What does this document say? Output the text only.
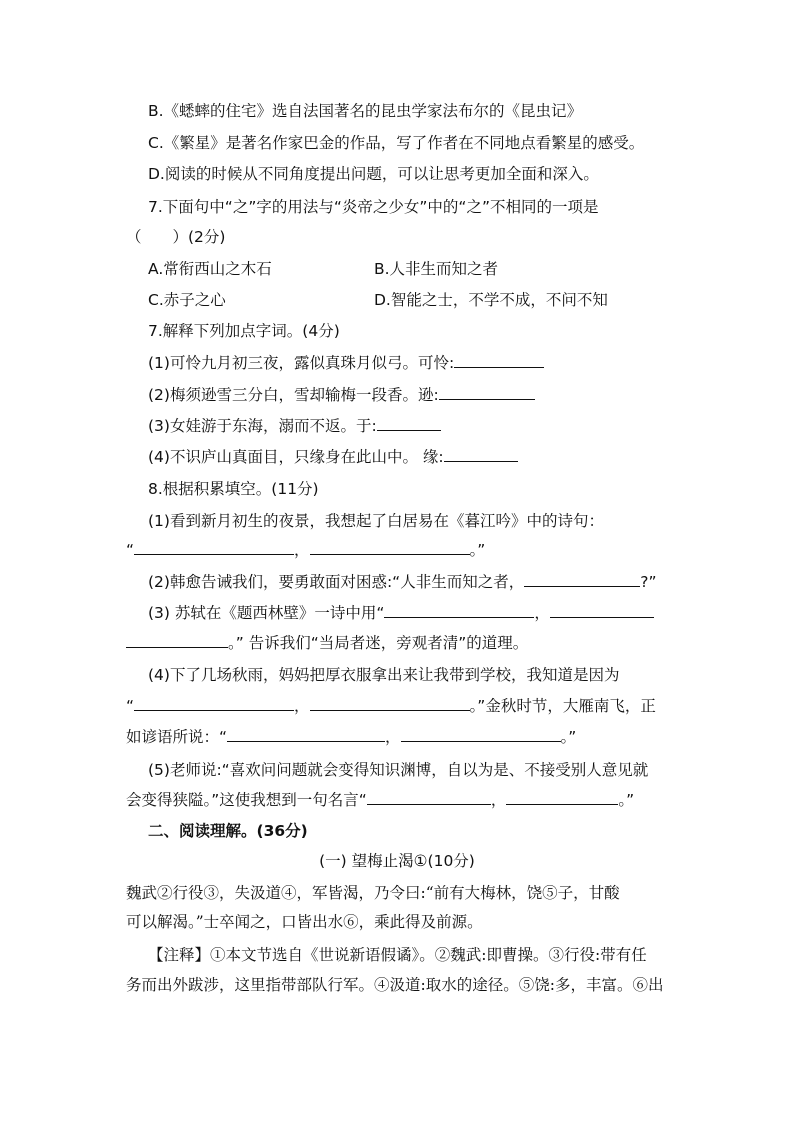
B.《蟋蟀的住宅》选自法国著名的昆虫学家法布尔的《昆虫记》
C.《繁星》是著名作家巴金的作品，写了作者在不同地点看繁星的感受。
D.阅读的时候从不同角度提出问题，可以让思考更加全面和深入。
7.下面句中“之”字的用法与“炎帝之少女”中的“之”不相同的一项是
（　　）(2分)
A.常衔西山之木石	B.人非生而知之者
C.赤子之心	D.智能之士，不学不成，不问不知
7.解释下列加点字词。(4分)
(1)可怜九月初三夜，露似真珠月似弓。可怜:
(2)梅须逊雪三分白，雪却输梅一段香。逊:
(3)女娃游于东海，溺而不返。于:
(4)不识庐山真面目，只缘身在此山中。 缘:
8.根据积累填空。(11分)
(1)看到新月初生的夜景，我想起了白居易在《暮江吟》中的诗句：
“	，	。”
(2)韩愈告诫我们，要勇敢面对困惑:“人非生而知之者，	?”
(3) 苏轼在《题西林壁》一诗中用“	，
。” 告诉我们“当局者迷，旁观者清”的道理。
(4)下了几场秋雨，妈妈把厚衣服拿出来让我带到学校，我知道是因为
“	，	。”金秋时节，大雁南飞，正
如谚语所说：“	，	。”
(5)老师说:“喜欢问问题就会变得知识渊博，自以为是、不接受别人意见就
会变得狭隘。”这使我想到一句名言“	，	。”
二、阅读理解。(36分)
(一) 望梅止渴①(10分)
魏武②行役③，失汲道④，军皆渴，乃令曰:“前有大梅林，饶⑤子，甘酸
可以解渴。”士卒闻之，口皆出水⑥，乘此得及前源。
【注释】①本文节选自《世说新语假谲》。②魏武:即曹操。③行役:带有任
务而出外跋涉，这里指带部队行军。④汲道:取水的途径。⑤饶:多，丰富。⑥出
